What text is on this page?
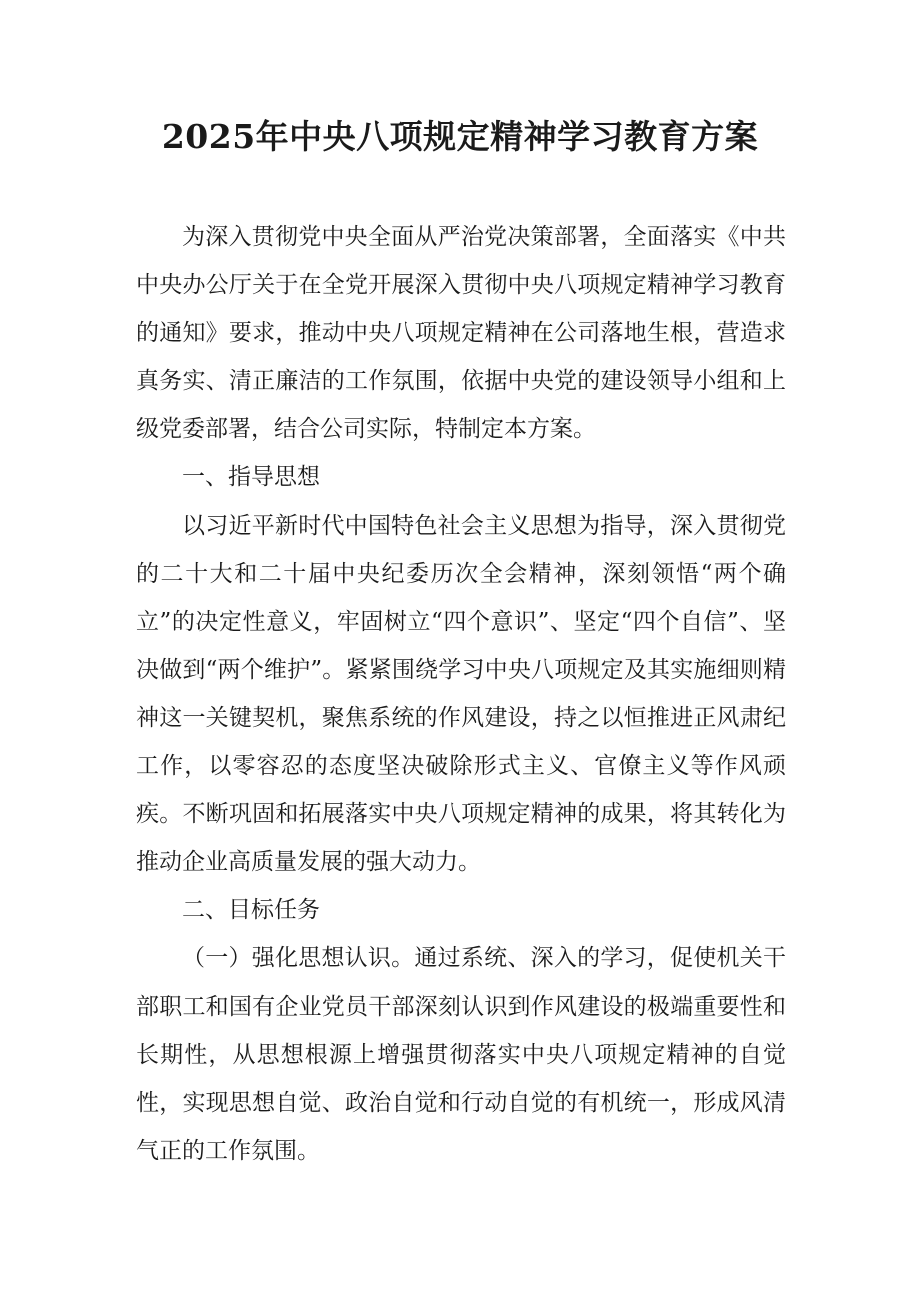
2025年中央八项规定精神学习教育方案

为深入贯彻党中央全面从严治党决策部署，全面落实《中共中央办公厅关于在全党开展深入贯彻中央八项规定精神学习教育的通知》要求，推动中央八项规定精神在公司落地生根，营造求真务实、清正廉洁的工作氛围，依据中央党的建设领导小组和上级党委部署，结合公司实际，特制定本方案。

一、指导思想

以习近平新时代中国特色社会主义思想为指导，深入贯彻党的二十大和二十届中央纪委历次全会精神，深刻领悟“两个确立”的决定性意义，牢固树立“四个意识”、坚定“四个自信”、坚决做到“两个维护”。紧紧围绕学习中央八项规定及其实施细则精神这一关键契机，聚焦系统的作风建设，持之以恒推进正风肃纪工作，以零容忍的态度坚决破除形式主义、官僚主义等作风顽疾。不断巩固和拓展落实中央八项规定精神的成果，将其转化为推动企业高质量发展的强大动力。

二、目标任务

（一）强化思想认识。通过系统、深入的学习，促使机关干部职工和国有企业党员干部深刻认识到作风建设的极端重要性和长期性，从思想根源上增强贯彻落实中央八项规定精神的自觉性，实现思想自觉、政治自觉和行动自觉的有机统一，形成风清气正的工作氛围。
